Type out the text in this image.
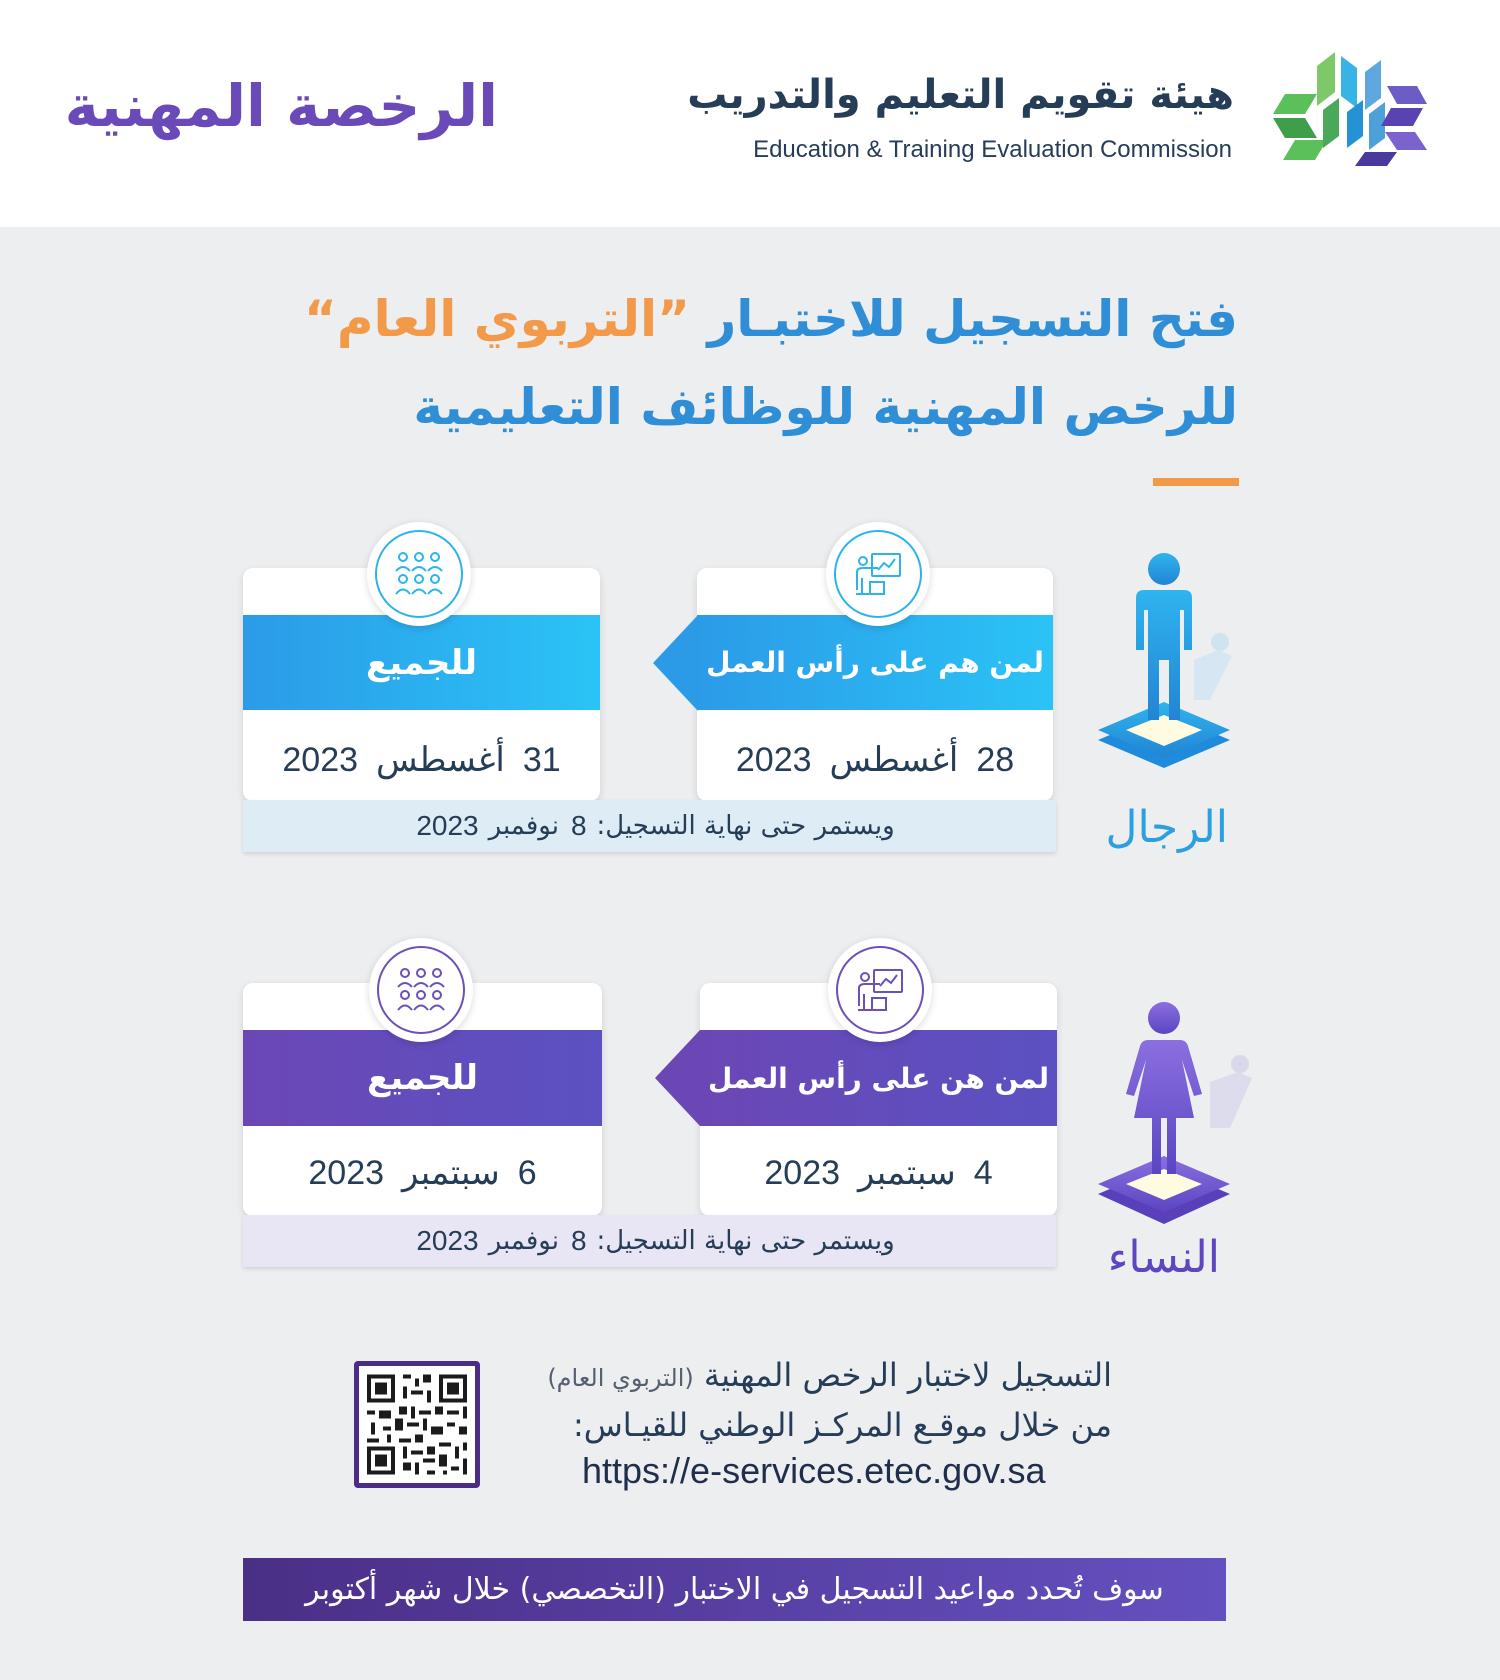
الرخصة المهنية	هيئة تقويم التعليم والتدريب
Education & Training Evaluation Commission
فتح التسجيل للاختبـار ”التربوي العام“
للرخص المهنية للوظائف التعليمية
الرجال
لمن هم على رأس العمل
28
أغسطس
2023
للجميع
31
أغسطس
2023
ويستمر حتى نهاية التسجيل:
8
نوفمبر
2023
النساء
لمن هن على رأس العمل
4
سبتمبر
2023
للجميع
6
سبتمبر
2023
ويستمر حتى نهاية التسجيل:
8
نوفمبر
2023
التسجيل لاختبار الرخص المهنية (التربوي العام)
من خلال موقـع المركـز الوطني للقيـاس:
https://e-services.etec.gov.sa
سوف تُحدد مواعيد التسجيل في الاختبار (التخصصي) خلال شهر أكتوبر
